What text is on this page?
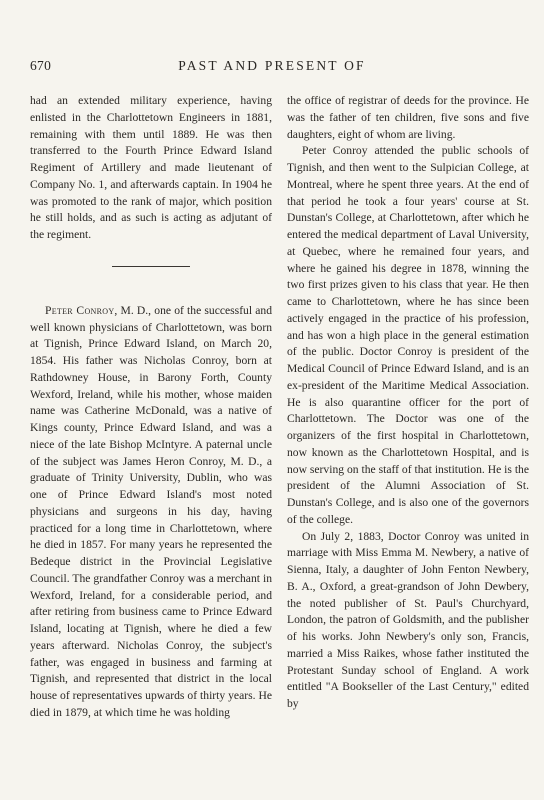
670	PAST AND PRESENT OF

had an extended military experience, having enlisted in the Charlottetown Engineers in 1881, remaining with them until 1889. He was then transferred to the Fourth Prince Edward Island Regiment of Artillery and made lieutenant of Company No. 1, and afterwards captain. In 1904 he was promoted to the rank of major, which position he still holds, and as such is acting as adjutant of the regiment.

Peter Conroy, M. D., one of the successful and well known physicians of Charlottetown, was born at Tignish, Prince Edward Island, on March 20, 1854. His father was Nicholas Conroy, born at Rathdowney House, in Barony Forth, County Wexford, Ireland, while his mother, whose maiden name was Catherine McDonald, was a native of Kings county, Prince Edward Island, and was a niece of the late Bishop McIntyre. A paternal uncle of the subject was James Heron Conroy, M. D., a graduate of Trinity University, Dublin, who was one of Prince Edward Island's most noted physicians and surgeons in his day, having practiced for a long time in Charlottetown, where he died in 1857. For many years he represented the Bedeque district in the Provincial Legislative Council. The grandfather Conroy was a merchant in Wexford, Ireland, for a considerable period, and after retiring from business came to Prince Edward Island, locating at Tignish, where he died a few years afterward. Nicholas Conroy, the subject's father, was engaged in business and farming at Tignish, and represented that district in the local house of representatives upwards of thirty years. He died in 1879, at which time he was holding

the office of registrar of deeds for the province. He was the father of ten children, five sons and five daughters, eight of whom are living.

Peter Conroy attended the public schools of Tignish, and then went to the Sulpician College, at Montreal, where he spent three years. At the end of that period he took a four years' course at St. Dunstan's College, at Charlottetown, after which he entered the medical department of Laval University, at Quebec, where he remained four years, and where he gained his degree in 1878, winning the two first prizes given to his class that year. He then came to Charlottetown, where he has since been actively engaged in the practice of his profession, and has won a high place in the general estimation of the public. Doctor Conroy is president of the Medical Council of Prince Edward Island, and is an ex-president of the Maritime Medical Association. He is also quarantine officer for the port of Charlottetown. The Doctor was one of the organizers of the first hospital in Charlottetown, now known as the Charlottetown Hospital, and is now serving on the staff of that institution. He is the president of the Alumni Association of St. Dunstan's College, and is also one of the governors of the college.

On July 2, 1883, Doctor Conroy was united in marriage with Miss Emma M. Newbery, a native of Sienna, Italy, a daughter of John Fenton Newbery, B. A., Oxford, a great-grandson of John Dewbery, the noted publisher of St. Paul's Churchyard, London, the patron of Goldsmith, and the publisher of his works. John Newbery's only son, Francis, married a Miss Raikes, whose father instituted the Protestant Sunday school of England. A work entitled "A Bookseller of the Last Century," edited by
